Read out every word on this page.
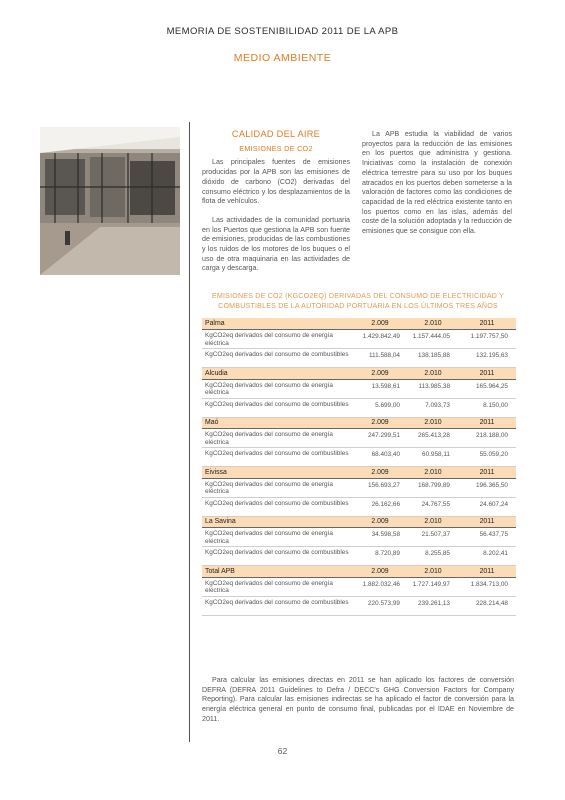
MEMORIA DE SOSTENIBILIDAD 2011 DE LA APB
MEDIO AMBIENTE
CALIDAD DEL AIRE
EMISIONES DE CO2

Las principales fuentes de emisiones producidas por la APB son las emisiones de dióxido de carbono (CO2) derivadas del consumo eléctrico y los desplazamientos de la flota de vehículos.

Las actividades de la comunidad portuaria en los Puertos que gestiona la APB son fuente de emisiones, producidas de las combustiones y los ruidos de los motores de los buques o el uso de otra maquinaria en las actividades de carga y descarga.

La APB estudia la viabilidad de varios proyectos para la reducción de las emisiones en los puertos que administra y gestiona. Iniciativas como la instalación de conexión eléctrica terrestre para su uso por los buques atracados en los puertos deben someterse a la valoración de factores como las condiciones de capacidad de la red eléctrica existente tanto en los puertos como en las islas, además del coste de la solución adoptada y la reducción de emisiones que se consigue con ella.

EMISIONES DE CO2 (KGCO2EQ) DERIVADAS DEL CONSUMO DE ELECTRICIDAD Y COMBUSTIBLES DE LA AUTORIDAD PORTUARIA EN LOS ÚLTIMOS TRES AÑOS
Palma	2.009	2.010	2011
KgCO2eq derivados del consumo de energía eléctrica	1.429.842,49	1.157.444,05	1.197.757,50
KgCO2eq derivados del consumo de combustibles	111.588,04	138.185,88	132.195,63
Alcudia	2.009	2.010	2011
KgCO2eq derivados del consumo de energía eléctrica	13.598,61	113.985,38	165.964,25
KgCO2eq derivados del consumo de combustibles	5.699,00	7.093,73	8.150,00
Maó	2.009	2.010	2011
KgCO2eq derivados del consumo de energía eléctrica	247.299,51	265.413,28	218.188,00
KgCO2eq derivados del consumo de combustibles	68.403,40	60.958,11	55.059,20
Eivissa	2.009	2.010	2011
KgCO2eq derivados del consumo de energía eléctrica	156.693,27	168.799,89	196.365,50
KgCO2eq derivados del consumo de combustibles	26.162,66	24.767,55	24.607,24
La Savina	2.009	2.010	2011
KgCO2eq derivados del consumo de energía eléctrica	34.598,58	21.507,37	56.437,75
KgCO2eq derivados del consumo de combustibles	8.720,89	8.255,85	8.202,41
Total APB	2.009	2.010	2011
KgCO2eq derivados del consumo de energía eléctrica	1.882.032,46	1.727.149,97	1.834.713,00
KgCO2eq derivados del consumo de combustibles	220.573,99	239.261,13	228.214,48
Para calcular las emisiones directas en 2011 se han aplicado los factores de conversión DEFRA (DEFRA 2011 Guidelines to Defra / DECC's GHG Conversion Factors for Company Reporting). Para calcular las emisiones indirectas se ha aplicado el factor de conversión para la energía eléctrica general en punto de consumo final, publicadas por el IDAE en Noviembre de 2011.
62
